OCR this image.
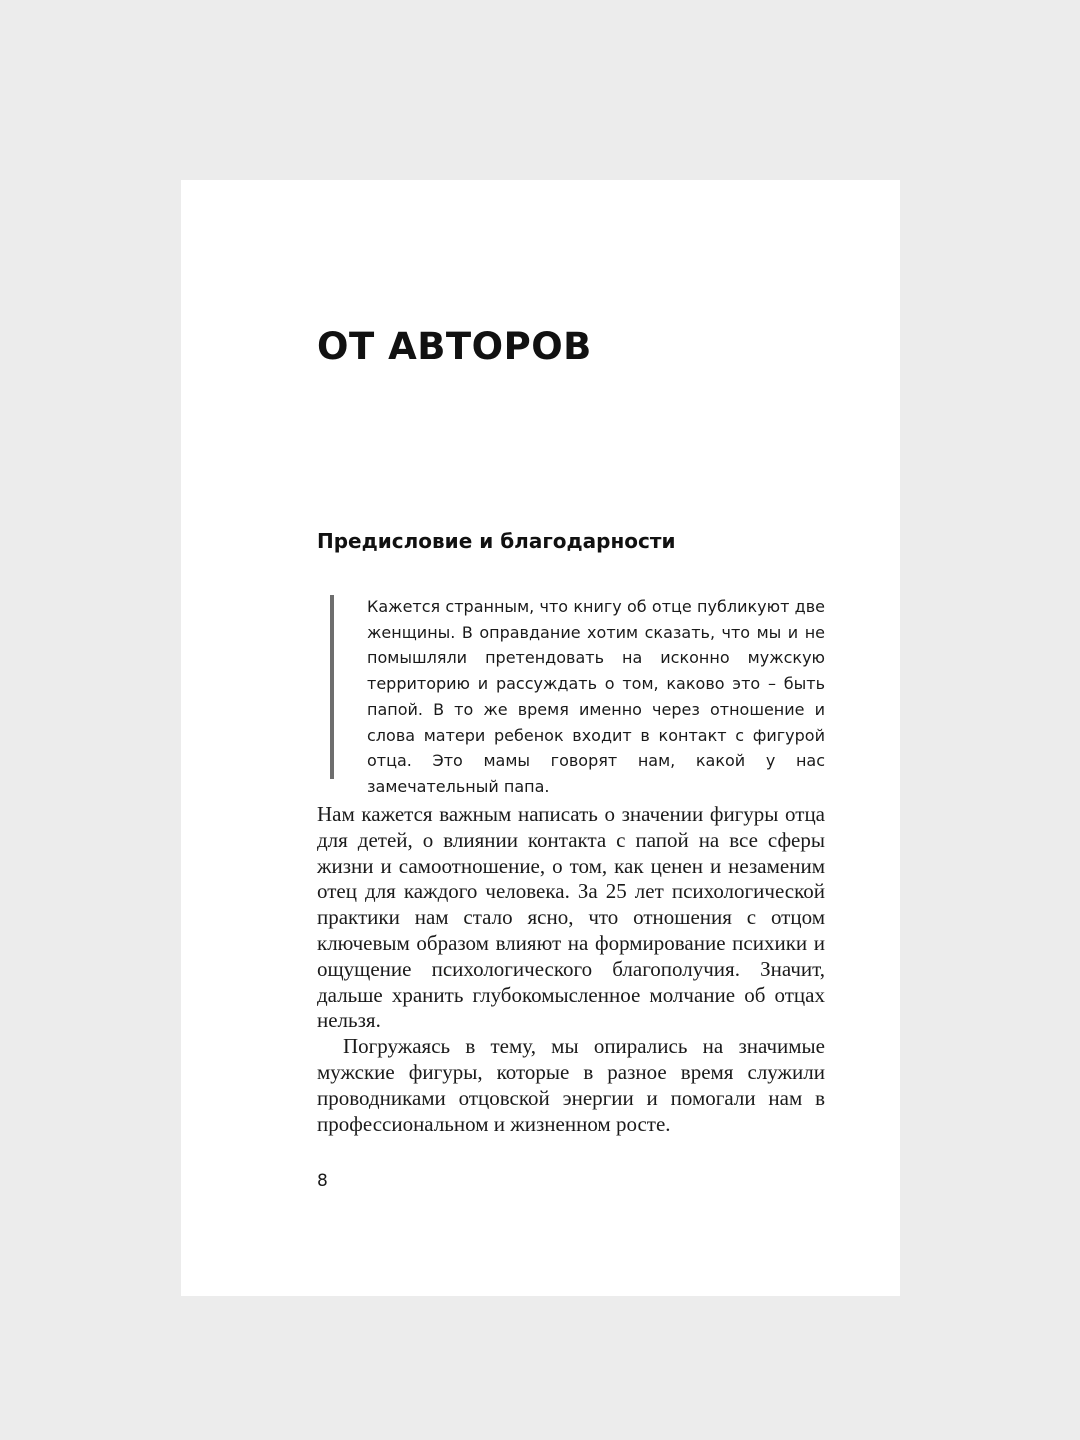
ОТ АВТОРОВ
Предисловие и благодарности

Кажется странным, что книгу об отце публикуют две женщины. В оправдание хотим сказать, что мы и не помышляли претендовать на исконно мужскую территорию и рассуждать о том, каково это – быть папой. В то же время именно через отношение и слова матери ребенок входит в контакт с фигурой отца. Это мамы говорят нам, какой у нас замечательный папа.

Нам кажется важным написать о значении фигуры отца для детей, о влиянии контакта с папой на все сферы жизни и самоотношение, о том, как ценен и незаменим отец для каждого человека. За 25 лет психологической практики нам стало ясно, что отношения с отцом ключевым образом влияют на формирование психики и ощущение психологического благополучия. Значит, дальше хранить глубокомысленное молчание об отцах нельзя.

Погружаясь в тему, мы опирались на значимые мужские фигуры, которые в разное время служили проводниками отцовской энергии и помогали нам в профессиональном и жизненном росте.

8
